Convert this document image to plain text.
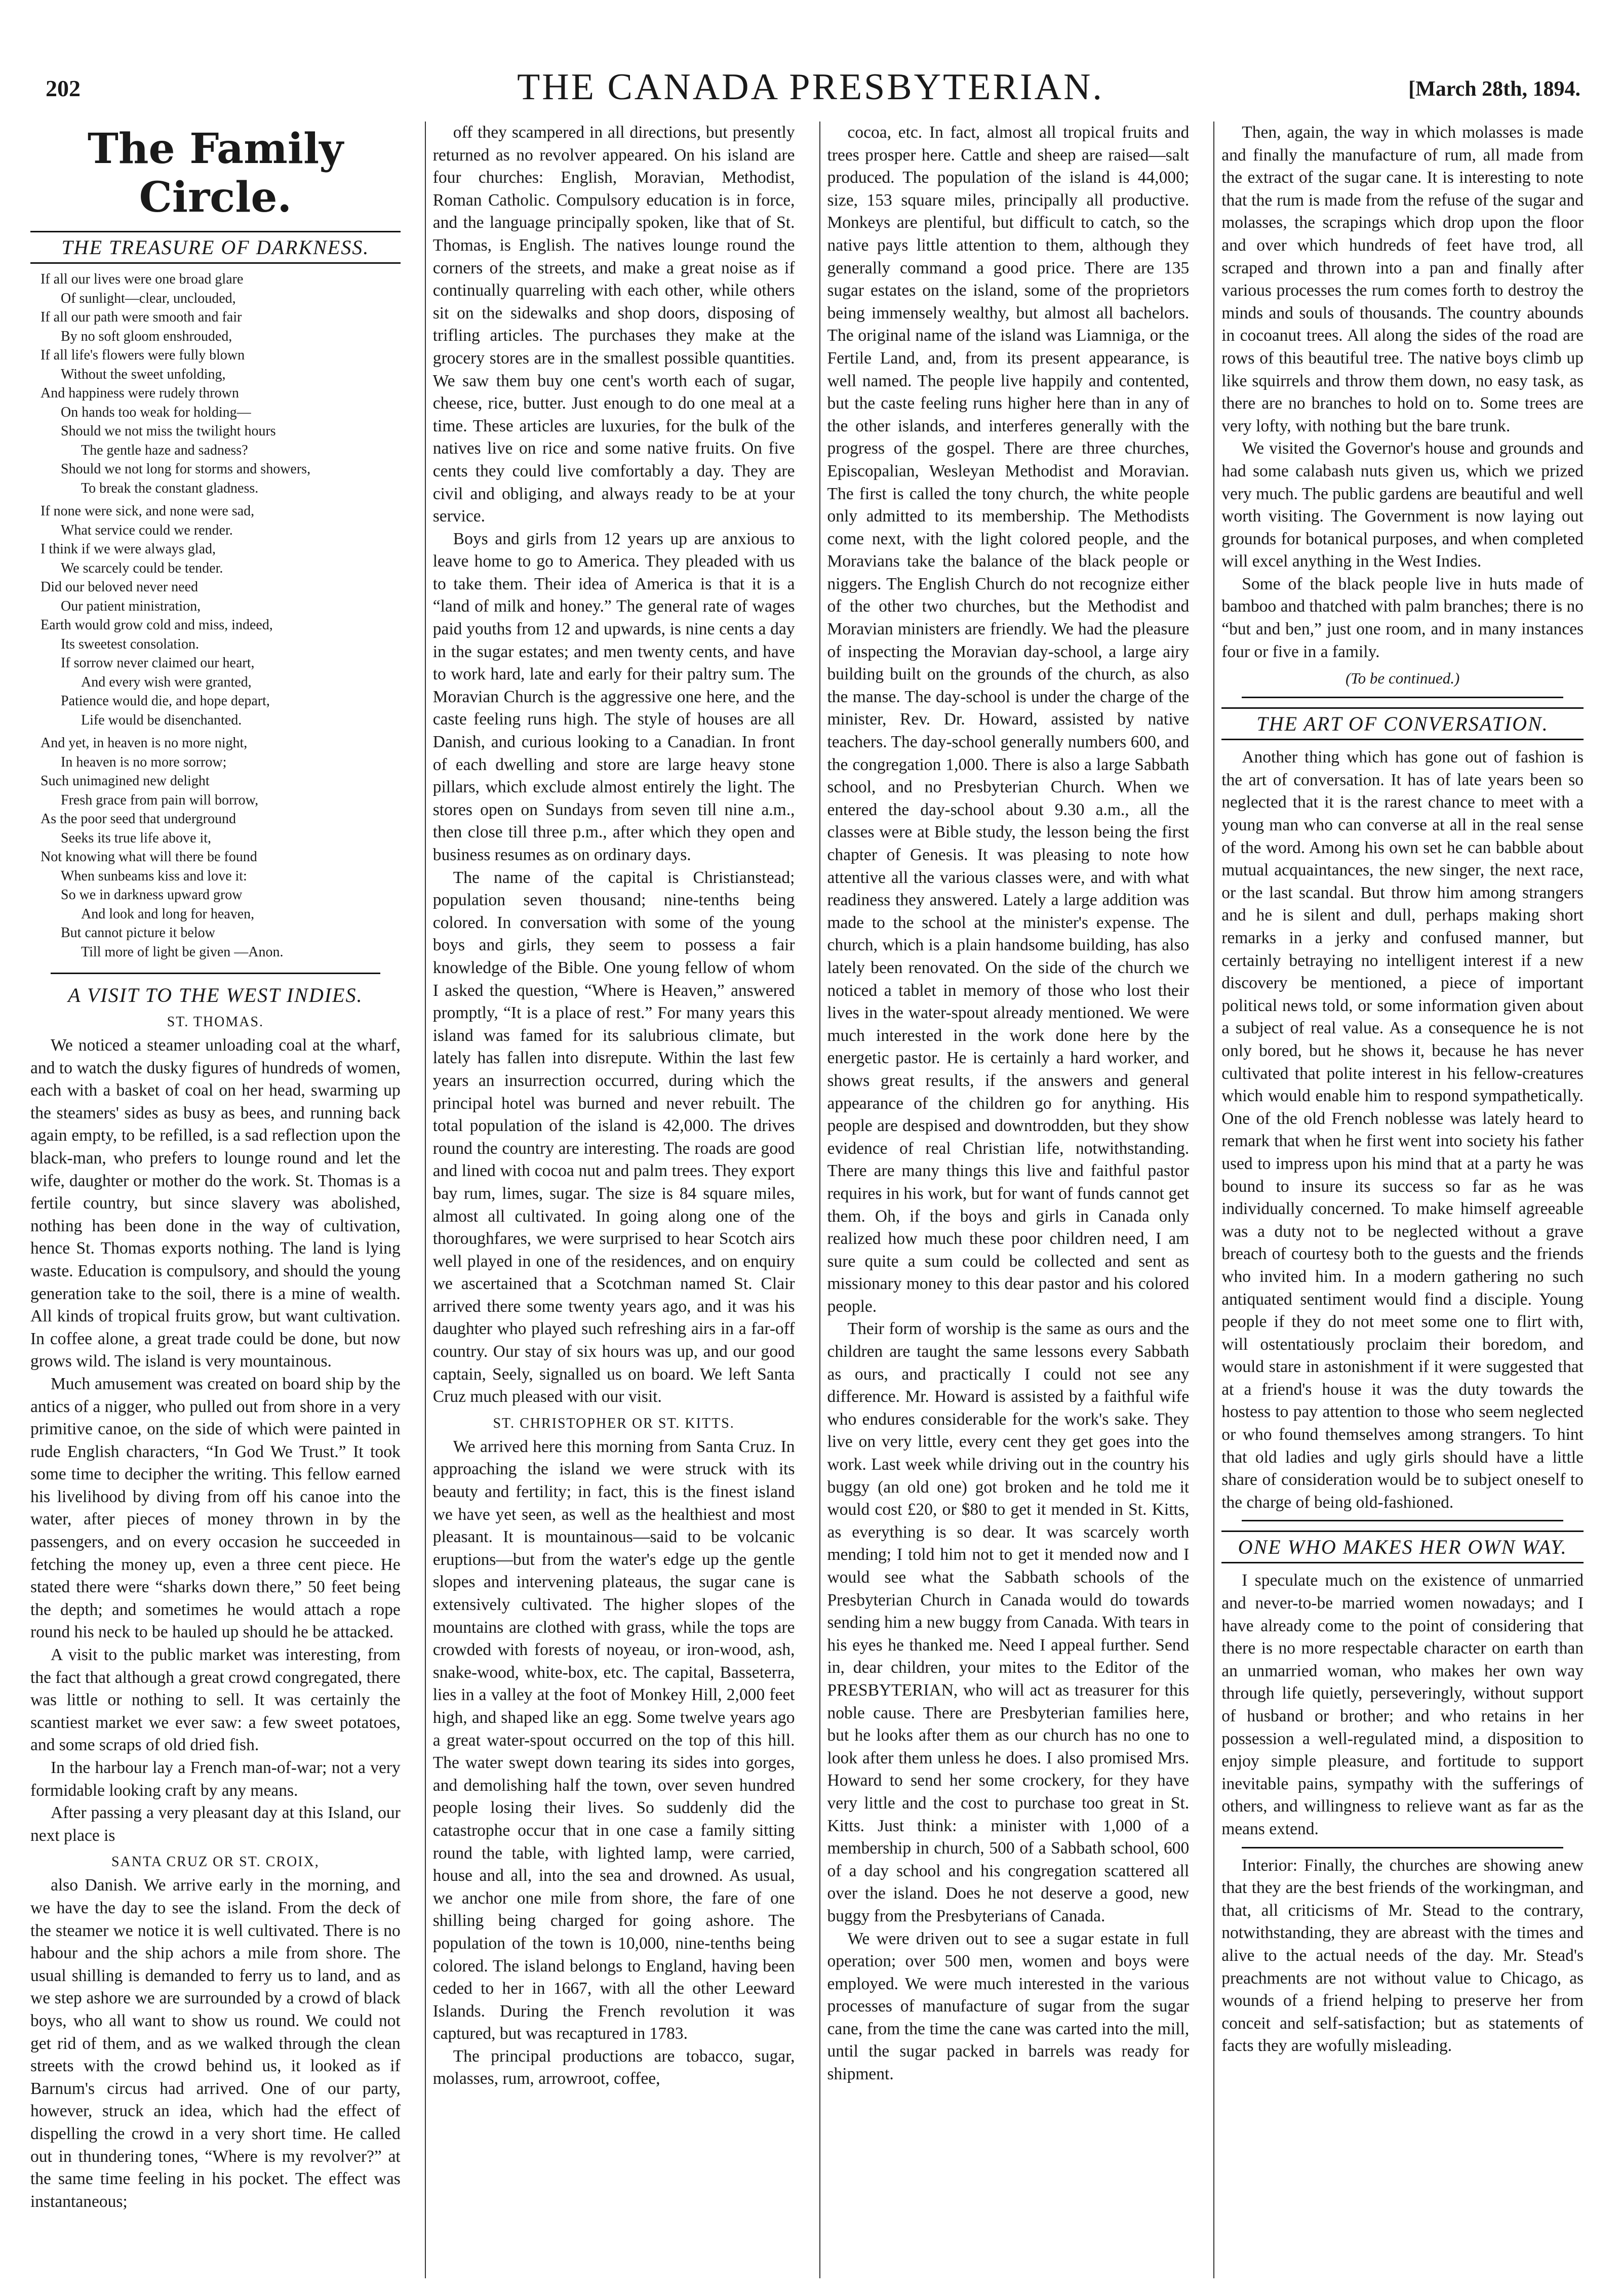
202	THE CANADA PRESBYTERIAN.	[March 28th, 1894.
The Family Circle.
THE TREASURE OF DARKNESS.
If all our lives were one broad glare
Of sunlight—clear, unclouded,
If all our path were smooth and fair
By no soft gloom enshrouded,
If all life's flowers were fully blown
Without the sweet unfolding,
And happiness were rudely thrown
On hands too weak for holding—
Should we not miss the twilight hours
The gentle haze and sadness?
Should we not long for storms and showers,
To break the constant gladness.
If none were sick, and none were sad,
What service could we render.
I think if we were always glad,
We scarcely could be tender.
Did our beloved never need
Our patient ministration,
Earth would grow cold and miss, indeed,
Its sweetest consolation.
If sorrow never claimed our heart,
And every wish were granted,
Patience would die, and hope depart,
Life would be disenchanted.
And yet, in heaven is no more night,
In heaven is no more sorrow;
Such unimagined new delight
Fresh grace from pain will borrow,
As the poor seed that underground
Seeks its true life above it,
Not knowing what will there be found
When sunbeams kiss and love it:
So we in darkness upward grow
And look and long for heaven,
But cannot picture it below
Till more of light be given —Anon.
A VISIT TO THE WEST INDIES.
ST. THOMAS.

We noticed a steamer unloading coal at the wharf, and to watch the dusky figures of hundreds of women, each with a basket of coal on her head, swarming up the steamers' sides as busy as bees, and running back again empty, to be refilled, is a sad reflection upon the black-man, who prefers to lounge round and let the wife, daughter or mother do the work. St. Thomas is a fertile country, but since slavery was abolished, nothing has been done in the way of cultivation, hence St. Thomas exports nothing. The land is lying waste. Education is compulsory, and should the young generation take to the soil, there is a mine of wealth. All kinds of tropical fruits grow, but want cultivation. In coffee alone, a great trade could be done, but now grows wild. The island is very mountainous.

Much amusement was created on board ship by the antics of a nigger, who pulled out from shore in a very primitive canoe, on the side of which were painted in rude English characters, “In God We Trust.” It took some time to decipher the writing. This fellow earned his livelihood by diving from off his canoe into the water, after pieces of money thrown in by the passengers, and on every occasion he succeeded in fetching the money up, even a three cent piece. He stated there were “sharks down there,” 50 feet being the depth; and sometimes he would attach a rope round his neck to be hauled up should he be attacked.

A visit to the public market was interesting, from the fact that although a great crowd congregated, there was little or nothing to sell. It was certainly the scantiest market we ever saw: a few sweet potatoes, and some scraps of old dried fish.

In the harbour lay a French man-of-war; not a very formidable looking craft by any means.

After passing a very pleasant day at this Island, our next place is

SANTA CRUZ OR ST. CROIX,

also Danish. We arrive early in the morning, and we have the day to see the island. From the deck of the steamer we notice it is well cultivated. There is no habour and the ship achors a mile from shore. The usual shilling is demanded to ferry us to land, and as we step ashore we are surrounded by a crowd of black boys, who all want to show us round. We could not get rid of them, and as we walked through the clean streets with the crowd behind us, it looked as if Barnum's circus had arrived. One of our party, however, struck an idea, which had the effect of dispelling the crowd in a very short time. He called out in thundering tones, “Where is my revolver?” at the same time feeling in his pocket. The effect was instantaneous;

off they scampered in all directions, but presently returned as no revolver appeared. On his island are four churches: English, Moravian, Methodist, Roman Catholic. Compulsory education is in force, and the language principally spoken, like that of St. Thomas, is English. The natives lounge round the corners of the streets, and make a great noise as if continually quarreling with each other, while others sit on the sidewalks and shop doors, disposing of trifling articles. The purchases they make at the grocery stores are in the smallest possible quantities. We saw them buy one cent's worth each of sugar, cheese, rice, butter. Just enough to do one meal at a time. These articles are luxuries, for the bulk of the natives live on rice and some native fruits. On five cents they could live comfortably a day. They are civil and obliging, and always ready to be at your service.

Boys and girls from 12 years up are anxious to leave home to go to America. They pleaded with us to take them. Their idea of America is that it is a “land of milk and honey.” The general rate of wages paid youths from 12 and upwards, is nine cents a day in the sugar estates; and men twenty cents, and have to work hard, late and early for their paltry sum. The Moravian Church is the aggressive one here, and the caste feeling runs high. The style of houses are all Danish, and curious looking to a Canadian. In front of each dwelling and store are large heavy stone pillars, which exclude almost entirely the light. The stores open on Sundays from seven till nine a.m., then close till three p.m., after which they open and business resumes as on ordinary days.

The name of the capital is Christianstead; population seven thousand; nine-tenths being colored. In conversation with some of the young boys and girls, they seem to possess a fair knowledge of the Bible. One young fellow of whom I asked the question, “Where is Heaven,” answered promptly, “It is a place of rest.” For many years this island was famed for its salubrious climate, but lately has fallen into disrepute. Within the last few years an insurrection occurred, during which the principal hotel was burned and never rebuilt. The total population of the island is 42,000. The drives round the country are interesting. The roads are good and lined with cocoa nut and palm trees. They export bay rum, limes, sugar. The size is 84 square miles, almost all cultivated. In going along one of the thoroughfares, we were surprised to hear Scotch airs well played in one of the residences, and on enquiry we ascertained that a Scotchman named St. Clair arrived there some twenty years ago, and it was his daughter who played such refreshing airs in a far-off country. Our stay of six hours was up, and our good captain, Seely, signalled us on board. We left Santa Cruz much pleased with our visit.

ST. CHRISTOPHER OR ST. KITTS.

We arrived here this morning from Santa Cruz. In approaching the island we were struck with its beauty and fertility; in fact, this is the finest island we have yet seen, as well as the healthiest and most pleasant. It is mountainous—said to be volcanic eruptions—but from the water's edge up the gentle slopes and intervening plateaus, the sugar cane is extensively cultivated. The higher slopes of the mountains are clothed with grass, while the tops are crowded with forests of noyeau, or iron-wood, ash, snake-wood, white-box, etc. The capital, Basseterra, lies in a valley at the foot of Monkey Hill, 2,000 feet high, and shaped like an egg. Some twelve years ago a great water-spout occurred on the top of this hill. The water swept down tearing its sides into gorges, and demolishing half the town, over seven hundred people losing their lives. So suddenly did the catastrophe occur that in one case a family sitting round the table, with lighted lamp, were carried, house and all, into the sea and drowned. As usual, we anchor one mile from shore, the fare of one shilling being charged for going ashore. The population of the town is 10,000, nine-tenths being colored. The island belongs to England, having been ceded to her in 1667, with all the other Leeward Islands. During the French revolution it was captured, but was recaptured in 1783.

The principal productions are tobacco, sugar, molasses, rum, arrowroot, coffee,

cocoa, etc. In fact, almost all tropical fruits and trees prosper here. Cattle and sheep are raised—salt produced. The population of the island is 44,000; size, 153 square miles, principally all productive. Monkeys are plentiful, but difficult to catch, so the native pays little attention to them, although they generally command a good price. There are 135 sugar estates on the island, some of the proprietors being immensely wealthy, but almost all bachelors. The original name of the island was Liamniga, or the Fertile Land, and, from its present appearance, is well named. The people live happily and contented, but the caste feeling runs higher here than in any of the other islands, and interferes generally with the progress of the gospel. There are three churches, Episcopalian, Wesleyan Methodist and Moravian. The first is called the tony church, the white people only admitted to its membership. The Methodists come next, with the light colored people, and the Moravians take the balance of the black people or niggers. The English Church do not recognize either of the other two churches, but the Methodist and Moravian ministers are friendly. We had the pleasure of inspecting the Moravian day-school, a large airy building built on the grounds of the church, as also the manse. The day-school is under the charge of the minister, Rev. Dr. Howard, assisted by native teachers. The day-school generally numbers 600, and the congregation 1,000. There is also a large Sabbath school, and no Presbyterian Church. When we entered the day-school about 9.30 a.m., all the classes were at Bible study, the lesson being the first chapter of Genesis. It was pleasing to note how attentive all the various classes were, and with what readiness they answered. Lately a large addition was made to the school at the minister's expense. The church, which is a plain handsome building, has also lately been renovated. On the side of the church we noticed a tablet in memory of those who lost their lives in the water-spout already mentioned. We were much interested in the work done here by the energetic pastor. He is certainly a hard worker, and shows great results, if the answers and general appearance of the children go for anything. His people are despised and downtrodden, but they show evidence of real Christian life, notwithstanding. There are many things this live and faithful pastor requires in his work, but for want of funds cannot get them. Oh, if the boys and girls in Canada only realized how much these poor children need, I am sure quite a sum could be collected and sent as missionary money to this dear pastor and his colored people.

Their form of worship is the same as ours and the children are taught the same lessons every Sabbath as ours, and practically I could not see any difference. Mr. Howard is assisted by a faithful wife who endures considerable for the work's sake. They live on very little, every cent they get goes into the work. Last week while driving out in the country his buggy (an old one) got broken and he told me it would cost £20, or $80 to get it mended in St. Kitts, as everything is so dear. It was scarcely worth mending; I told him not to get it mended now and I would see what the Sabbath schools of the Presbyterian Church in Canada would do towards sending him a new buggy from Canada. With tears in his eyes he thanked me. Need I appeal further. Send in, dear children, your mites to the Editor of the PRESBYTERIAN, who will act as treasurer for this noble cause. There are Presbyterian families here, but he looks after them as our church has no one to look after them unless he does. I also promised Mrs. Howard to send her some crockery, for they have very little and the cost to purchase too great in St. Kitts. Just think: a minister with 1,000 of a membership in church, 500 of a Sabbath school, 600 of a day school and his congregation scattered all over the island. Does he not deserve a good, new buggy from the Presbyterians of Canada.

We were driven out to see a sugar estate in full operation; over 500 men, women and boys were employed. We were much interested in the various processes of manufacture of sugar from the sugar cane, from the time the cane was carted into the mill, until the sugar packed in barrels was ready for shipment.

Then, again, the way in which molasses is made and finally the manufacture of rum, all made from the extract of the sugar cane. It is interesting to note that the rum is made from the refuse of the sugar and molasses, the scrapings which drop upon the floor and over which hundreds of feet have trod, all scraped and thrown into a pan and finally after various processes the rum comes forth to destroy the minds and souls of thousands. The country abounds in cocoanut trees. All along the sides of the road are rows of this beautiful tree. The native boys climb up like squirrels and throw them down, no easy task, as there are no branches to hold on to. Some trees are very lofty, with nothing but the bare trunk.

We visited the Governor's house and grounds and had some calabash nuts given us, which we prized very much. The public gardens are beautiful and well worth visiting. The Government is now laying out grounds for botanical purposes, and when completed will excel anything in the West Indies.

Some of the black people live in huts made of bamboo and thatched with palm branches; there is no “but and ben,” just one room, and in many instances four or five in a family.

(To be continued.)
THE ART OF CONVERSATION.

Another thing which has gone out of fashion is the art of conversation. It has of late years been so neglected that it is the rarest chance to meet with a young man who can converse at all in the real sense of the word. Among his own set he can babble about mutual acquaintances, the new singer, the next race, or the last scandal. But throw him among strangers and he is silent and dull, perhaps making short remarks in a jerky and confused manner, but certainly betraying no intelligent interest if a new discovery be mentioned, a piece of important political news told, or some information given about a subject of real value. As a consequence he is not only bored, but he shows it, because he has never cultivated that polite interest in his fellow-creatures which would enable him to respond sympathetically. One of the old French noblesse was lately heard to remark that when he first went into society his father used to impress upon his mind that at a party he was bound to insure its success so far as he was individually concerned. To make himself agreeable was a duty not to be neglected without a grave breach of courtesy both to the guests and the friends who invited him. In a modern gathering no such antiquated sentiment would find a disciple. Young people if they do not meet some one to flirt with, will ostentatiously proclaim their boredom, and would stare in astonishment if it were suggested that at a friend's house it was the duty towards the hostess to pay attention to those who seem neglected or who found themselves among strangers. To hint that old ladies and ugly girls should have a little share of consideration would be to subject oneself to the charge of being old-fashioned.

ONE WHO MAKES HER OWN WAY.

I speculate much on the existence of unmarried and never-to-be married women nowadays; and I have already come to the point of considering that there is no more respectable character on earth than an unmarried woman, who makes her own way through life quietly, perseveringly, without support of husband or brother; and who retains in her possession a well-regulated mind, a disposition to enjoy simple pleasure, and fortitude to support inevitable pains, sympathy with the sufferings of others, and willingness to relieve want as far as the means extend.

Interior: Finally, the churches are showing anew that they are the best friends of the workingman, and that, all criticisms of Mr. Stead to the contrary, notwithstanding, they are abreast with the times and alive to the actual needs of the day. Mr. Stead's preachments are not without value to Chicago, as wounds of a friend helping to preserve her from conceit and self-satisfaction; but as statements of facts they are wofully misleading.
